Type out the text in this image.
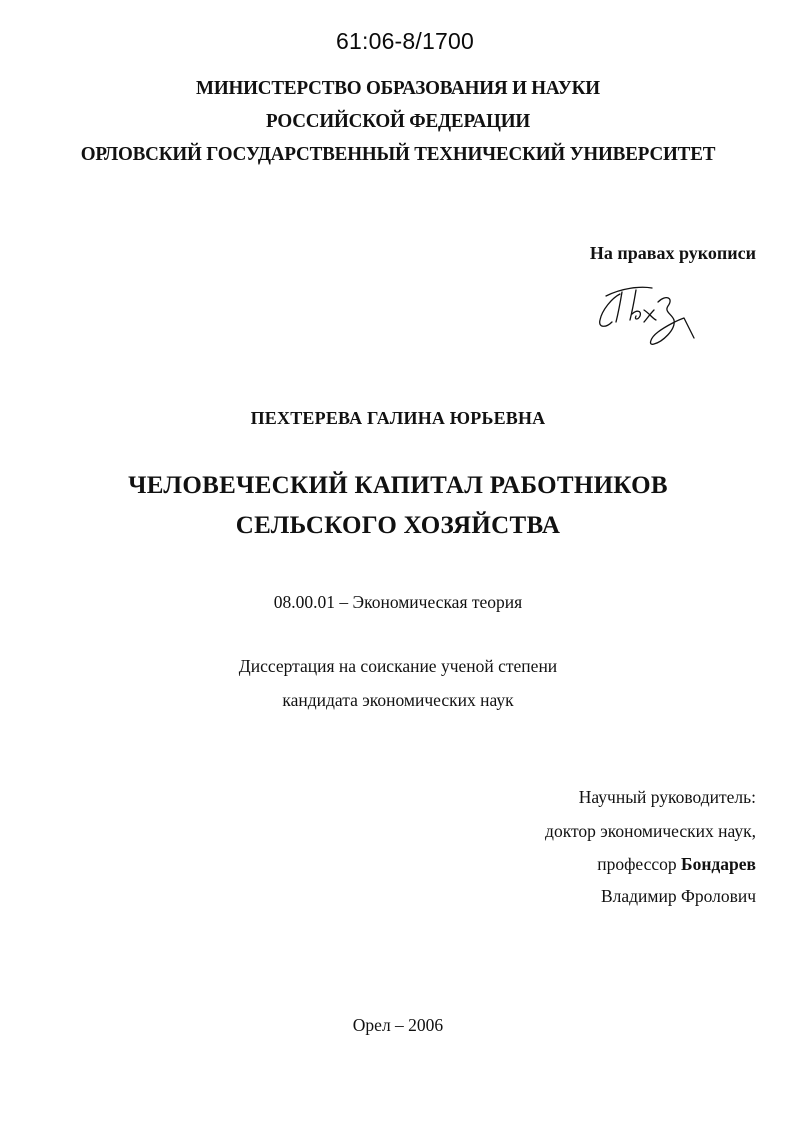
61:06-8/1700
МИНИСТЕРСТВО ОБРАЗОВАНИЯ И НАУКИ
РОССИЙСКОЙ ФЕДЕРАЦИИ
ОРЛОВСКИЙ ГОСУДАРСТВЕННЫЙ ТЕХНИЧЕСКИЙ УНИВЕРСИТЕТ
На правах рукописи
ПЕХТЕРЕВА ГАЛИНА ЮРЬЕВНА
ЧЕЛОВЕЧЕСКИЙ КАПИТАЛ РАБОТНИКОВ
СЕЛЬСКОГО ХОЗЯЙСТВА
08.00.01 – Экономическая теория
Диссертация на соискание ученой степени
кандидата экономических наук
Научный руководитель:
доктор экономических наук,
профессор Бондарев
Владимир Фролович
Орел – 2006
